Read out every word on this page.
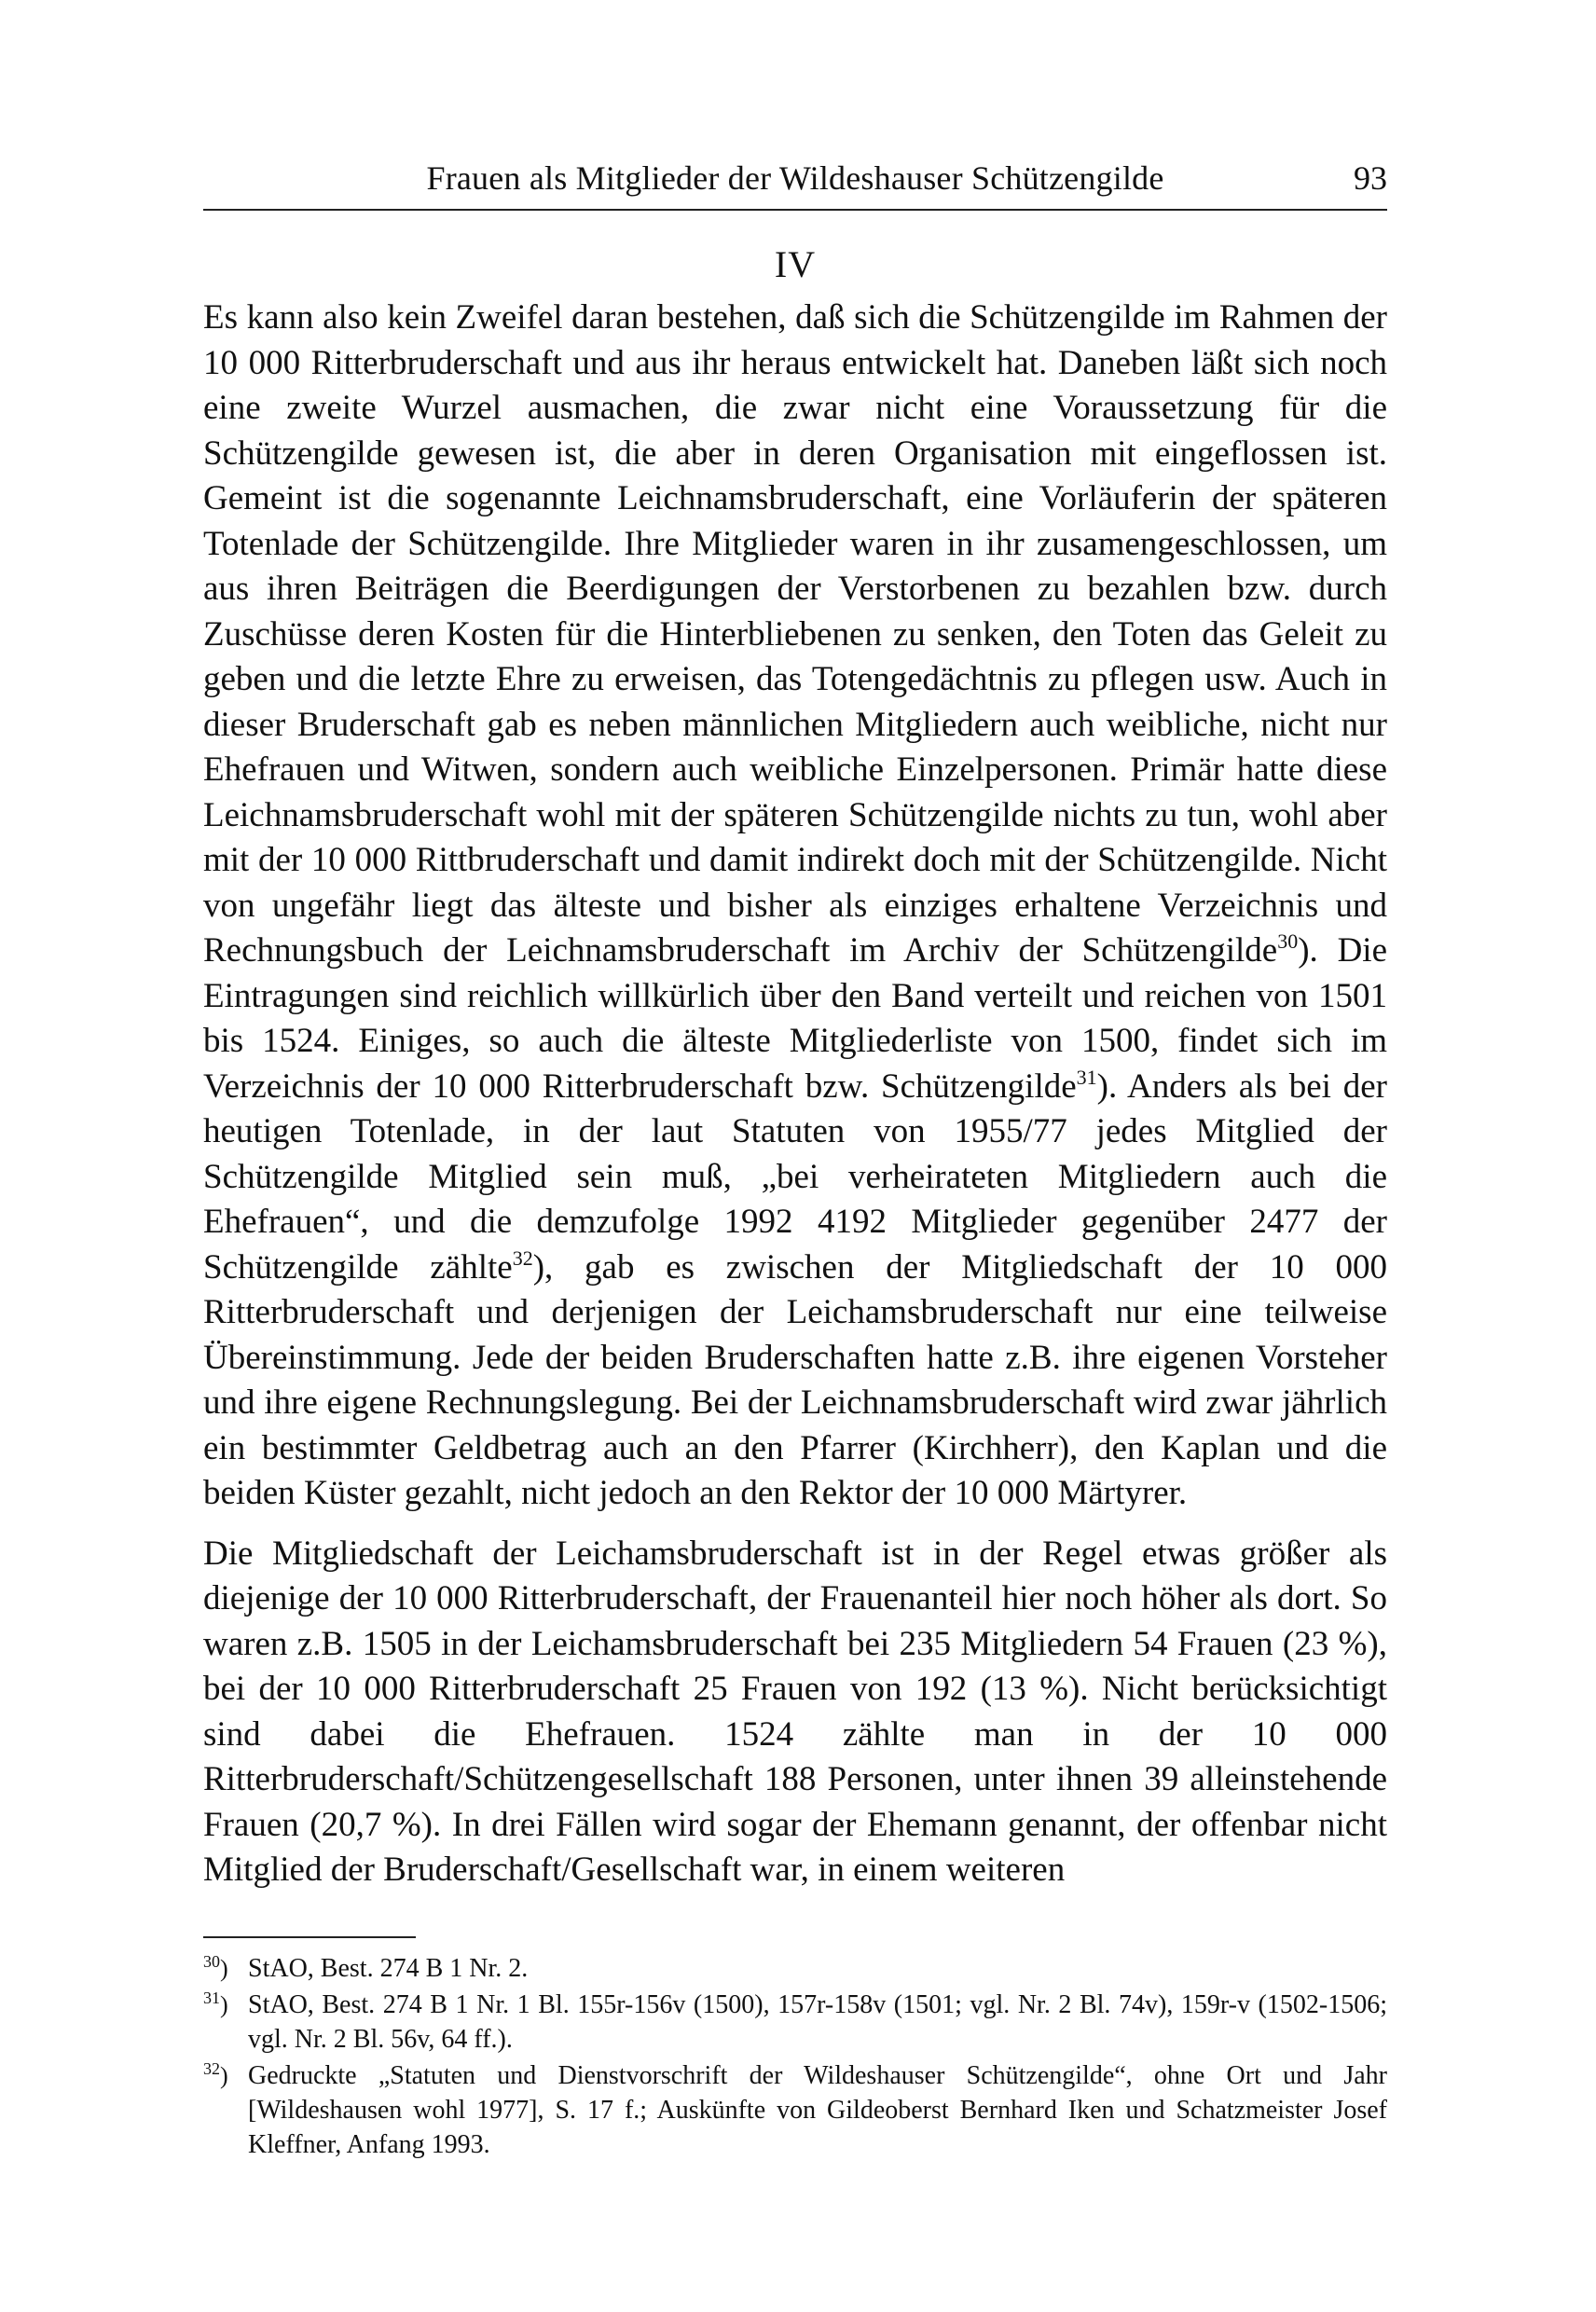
Frauen als Mitglieder der Wildeshauser Schützengilde	93
IV

Es kann also kein Zweifel daran bestehen, daß sich die Schützengilde im Rahmen der 10 000 Ritterbruderschaft und aus ihr heraus entwickelt hat. Daneben läßt sich noch eine zweite Wurzel ausmachen, die zwar nicht eine Voraussetzung für die Schützengilde gewesen ist, die aber in deren Organisation mit eingeflossen ist. Gemeint ist die sogenannte Leichnamsbruderschaft, eine Vorläuferin der späteren Totenlade der Schützengilde. Ihre Mitglieder waren in ihr zusamengeschlossen, um aus ihren Beiträgen die Beerdigungen der Verstorbenen zu bezahlen bzw. durch Zuschüsse deren Kosten für die Hinterbliebenen zu senken, den Toten das Geleit zu geben und die letzte Ehre zu erweisen, das Totengedächtnis zu pflegen usw. Auch in dieser Bruderschaft gab es neben männlichen Mitgliedern auch weibliche, nicht nur Ehefrauen und Witwen, sondern auch weibliche Einzelpersonen. Primär hatte diese Leichnamsbruderschaft wohl mit der späteren Schützengilde nichts zu tun, wohl aber mit der 10 000 Rittbruderschaft und damit indirekt doch mit der Schützengilde. Nicht von ungefähr liegt das älteste und bisher als einziges erhaltene Verzeichnis und Rechnungsbuch der Leichnamsbruderschaft im Archiv der Schützengilde$^{30}$). Die Eintragungen sind reichlich willkürlich über den Band verteilt und reichen von 1501 bis 1524. Einiges, so auch die älteste Mitgliederliste von 1500, findet sich im Verzeichnis der 10 000 Ritterbruderschaft bzw. Schützengilde$^{31}$). Anders als bei der heutigen Totenlade, in der laut Statuten von 1955/77 jedes Mitglied der Schützengilde Mitglied sein muß, „bei verheirateten Mitgliedern auch die Ehefrauen“, und die demzufolge 1992 4192 Mitglieder gegenüber 2477 der Schützengilde zählte$^{32}$), gab es zwischen der Mitgliedschaft der 10 000 Ritterbruderschaft und derjenigen der Leichamsbruderschaft nur eine teilweise Übereinstimmung. Jede der beiden Bruderschaften hatte z.B. ihre eigenen Vorsteher und ihre eigene Rechnungslegung. Bei der Leichnamsbruderschaft wird zwar jährlich ein bestimmter Geldbetrag auch an den Pfarrer (Kirchherr), den Kaplan und die beiden Küster gezahlt, nicht jedoch an den Rektor der 10 000 Märtyrer.

Die Mitgliedschaft der Leichamsbruderschaft ist in der Regel etwas größer als diejenige der 10 000 Ritterbruderschaft, der Frauenanteil hier noch höher als dort. So waren z.B. 1505 in der Leichamsbruderschaft bei 235 Mitgliedern 54 Frauen (23 %), bei der 10 000 Ritterbruderschaft 25 Frauen von 192 (13 %). Nicht berücksichtigt sind dabei die Ehefrauen. 1524 zählte man in der 10 000 Ritterbruderschaft/Schützengesellschaft 188 Personen, unter ihnen 39 alleinstehende Frauen (20,7 %). In drei Fällen wird sogar der Ehemann genannt, der offenbar nicht Mitglied der Bruderschaft/Gesellschaft war, in einem weiteren

$^{30}$) StAO, Best. 274 B 1 Nr. 2.
$^{31}$) StAO, Best. 274 B 1 Nr. 1 Bl. 155r-156v (1500), 157r-158v (1501; vgl. Nr. 2 Bl. 74v), 159r-v (1502-1506; vgl. Nr. 2 Bl. 56v, 64 ff.).
$^{32}$) Gedruckte „Statuten und Dienstvorschrift der Wildeshauser Schützengilde“, ohne Ort und Jahr [Wildeshausen wohl 1977], S. 17 f.; Auskünfte von Gildeoberst Bernhard Iken und Schatzmeister Josef Kleffner, Anfang 1993.
